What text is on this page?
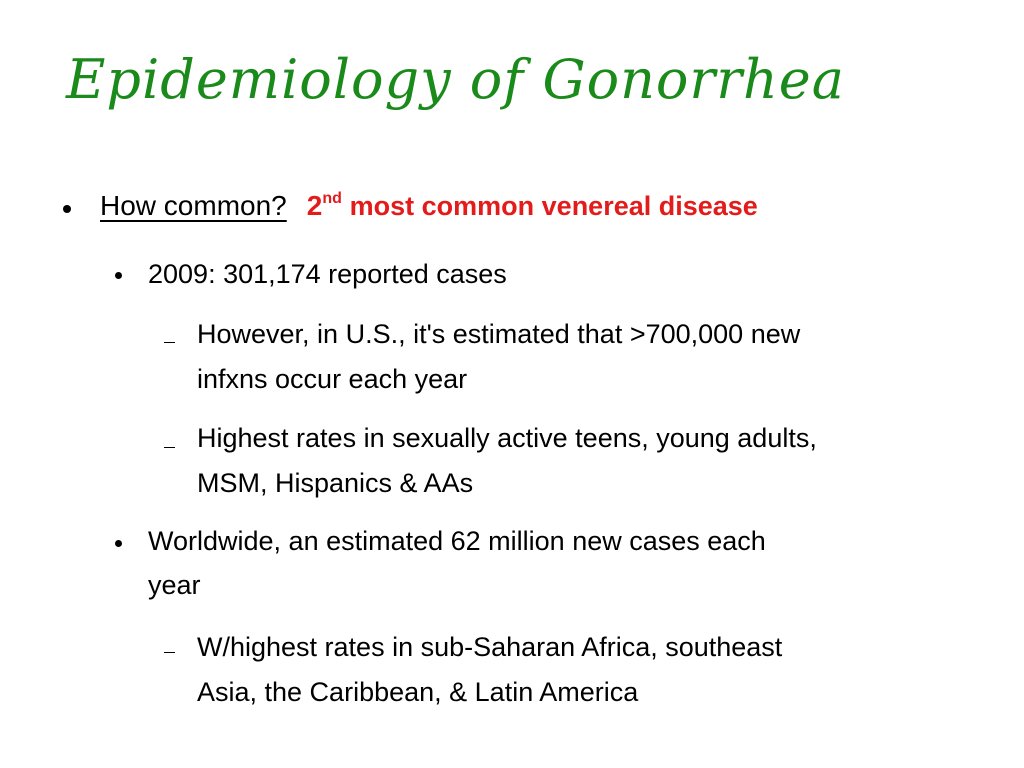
Epidemiology of Gonorrhea
How common? 2nd most common venereal disease
2009: 301,174 reported cases
However, in U.S., it's estimated that >700,000 new
infxns occur each year
Highest rates in sexually active teens, young adults,
MSM, Hispanics & AAs
Worldwide, an estimated 62 million new cases each
year
W/highest rates in sub-Saharan Africa, southeast
Asia, the Caribbean, & Latin America
